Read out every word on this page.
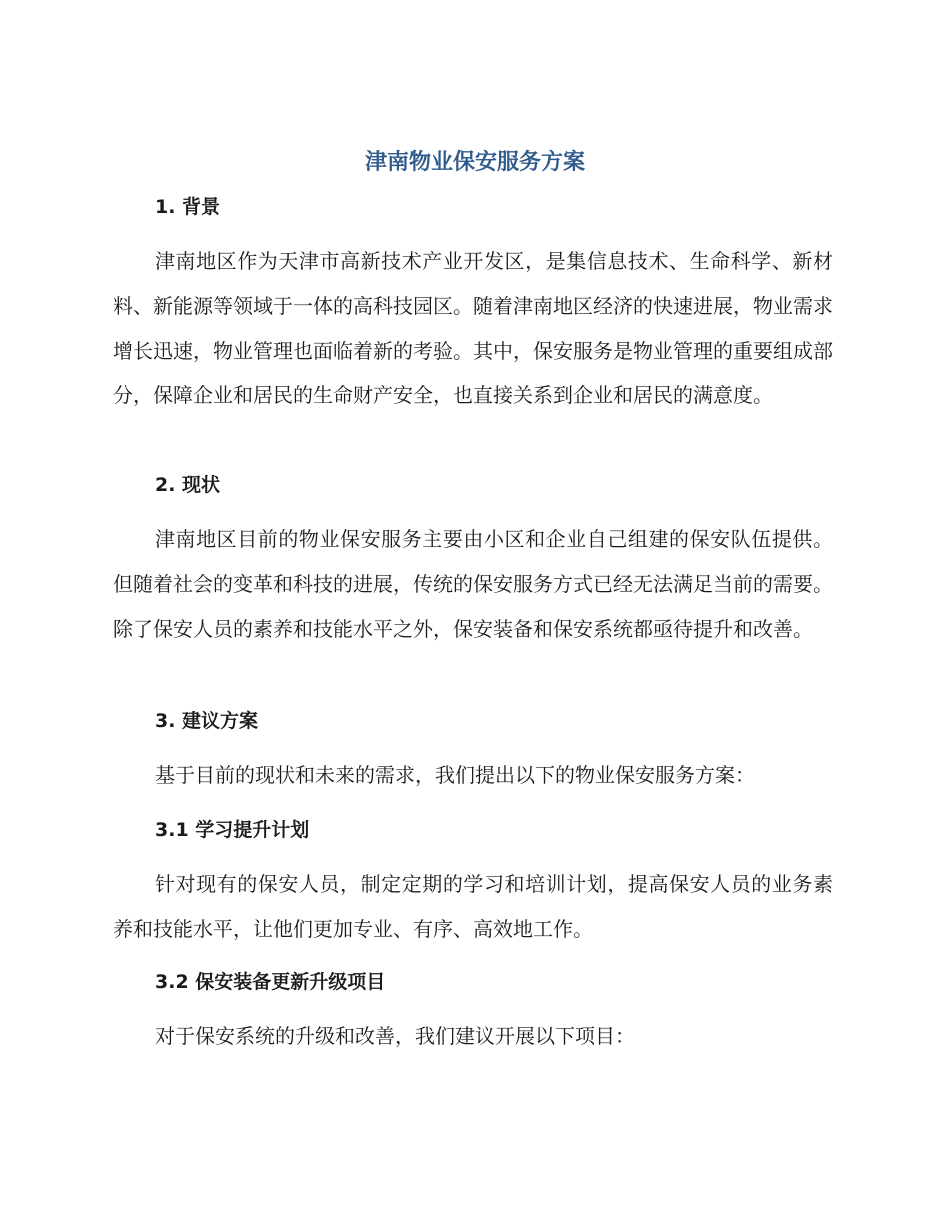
津南物业保安服务方案
1. 背景

津南地区作为天津市高新技术产业开发区，是集信息技术、生命科学、新材料、新能源等领域于一体的高科技园区。随着津南地区经济的快速进展，物业需求增长迅速，物业管理也面临着新的考验。其中，保安服务是物业管理的重要组成部分，保障企业和居民的生命财产安全，也直接关系到企业和居民的满意度。

2. 现状

津南地区目前的物业保安服务主要由小区和企业自己组建的保安队伍提供。但随着社会的变革和科技的进展，传统的保安服务方式已经无法满足当前的需要。除了保安人员的素养和技能水平之外，保安装备和保安系统都亟待提升和改善。

3. 建议方案

基于目前的现状和未来的需求，我们提出以下的物业保安服务方案：

3.1 学习提升计划

针对现有的保安人员，制定定期的学习和培训计划，提高保安人员的业务素养和技能水平，让他们更加专业、有序、高效地工作。

3.2 保安装备更新升级项目

对于保安系统的升级和改善，我们建议开展以下项目：
